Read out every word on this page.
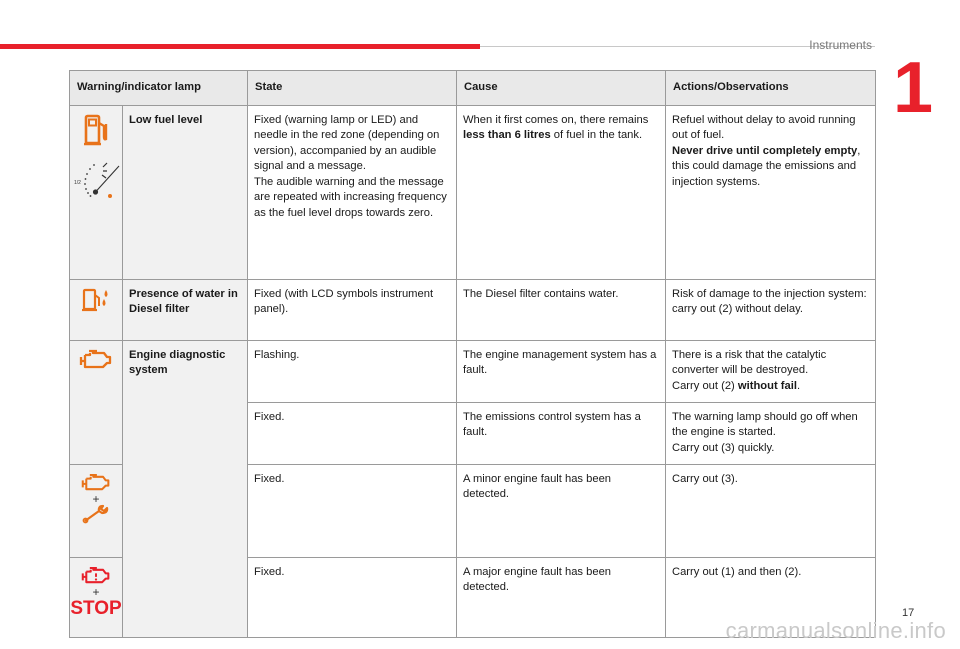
Instruments
1
Warning/indicator lamp		State	Cause	Actions/Observations

1/2	Low fuel level	Fixed (warning lamp or LED) and needle in the red zone (depending on version), accompanied by an audible signal and a message.
The audible warning and the message are repeated with increasing frequency as the fuel level drops towards zero.	When it first comes on, there remains less than 6 litres of fuel in the tank.	Refuel without delay to avoid running out of fuel.
Never drive until completely empty, this could damage the emissions and injection systems.

	Presence of water in Diesel filter	Fixed (with LCD symbols instrument panel).	The Diesel filter contains water.	Risk of damage to the injection system: carry out (2) without delay.

	Engine diagnostic system	Flashing.	The engine management system has a fault.	There is a risk that the catalytic converter will be destroyed.
Carry out (2) without fail.
		Fixed.	The emissions control system has a fault.	The warning lamp should go off when the engine is started.
Carry out (3) quickly.

+		Fixed.	A minor engine fault has been detected.	Carry out (3).

+
STOP		Fixed.	A major engine fault has been detected.	Carry out (1) and then (2).
17
carmanualsonline.info
